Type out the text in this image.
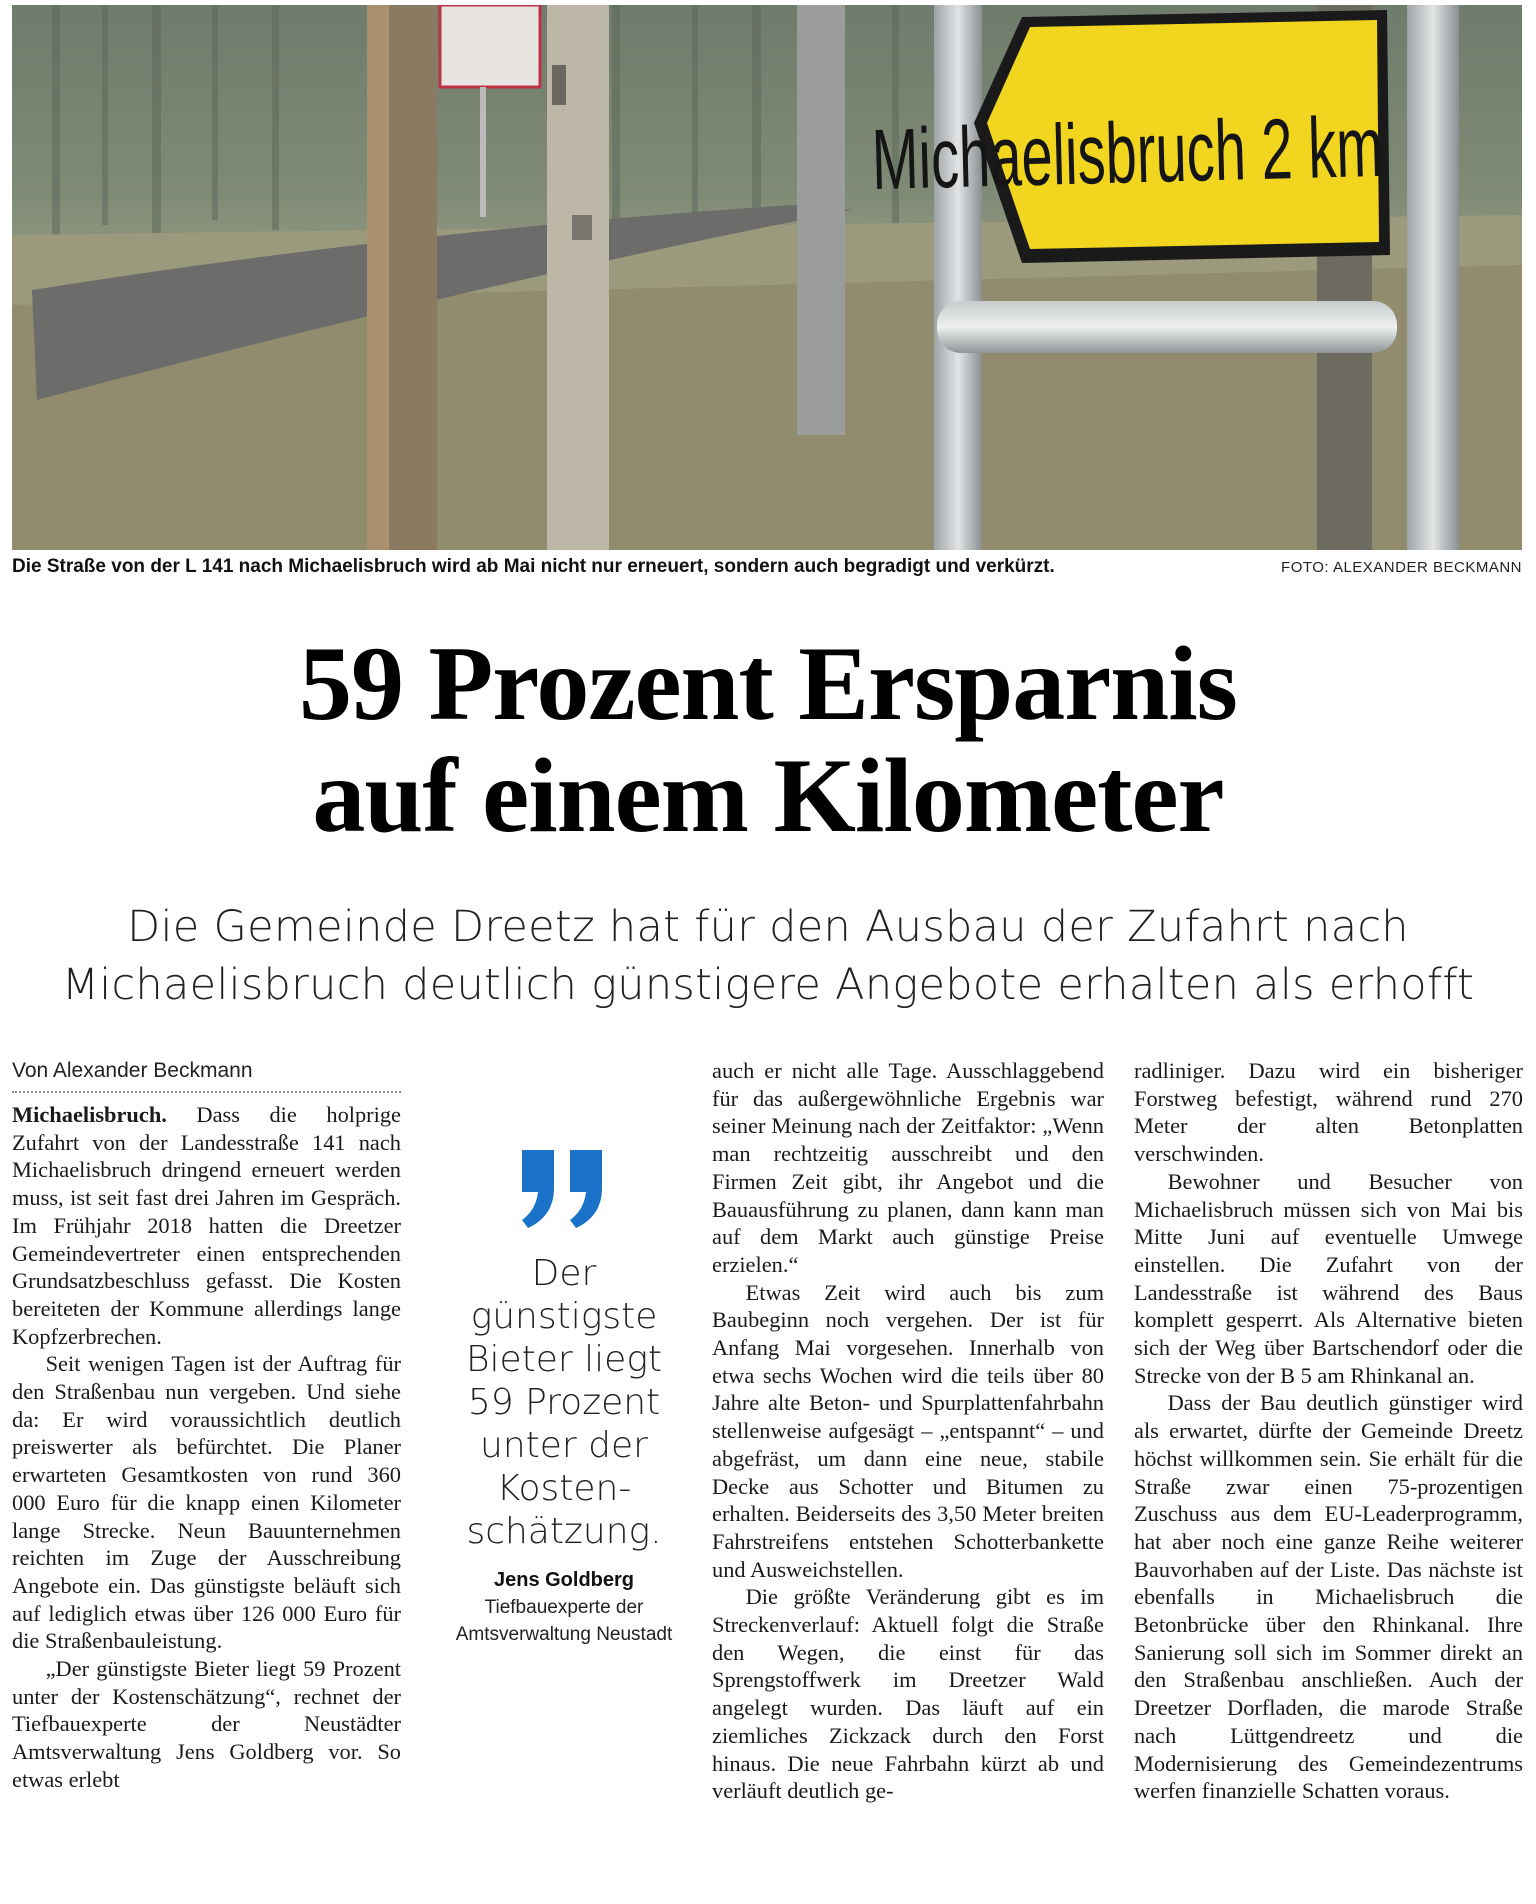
Michaelisbruch 2 km
Die Straße von der L 141 nach Michaelisbruch wird ab Mai nicht nur erneuert, sondern auch begradigt und verkürzt.	FOTO: ALEXANDER BECKMANN
59 Prozent Ersparnis
auf einem Kilometer
Die Gemeinde Dreetz hat für den Ausbau der Zufahrt nach
Michaelisbruch deutlich günstigere Angebote erhalten als erhofft
Von Alexander Beckmann

Michaelisbruch. Dass die holprige Zufahrt von der Landesstraße 141 nach Michaelisbruch dringend erneuert werden muss, ist seit fast drei Jahren im Gespräch. Im Frühjahr 2018 hatten die Dreetzer Gemeindevertreter einen entsprechenden Grundsatzbeschluss gefasst. Die Kosten bereiteten der Kommune allerdings lange Kopfzerbrechen.

Seit wenigen Tagen ist der Auftrag für den Straßenbau nun vergeben. Und siehe da: Er wird voraussichtlich deutlich preiswerter als befürchtet. Die Planer erwarteten Gesamtkosten von rund 360 000 Euro für die knapp einen Kilometer lange Strecke. Neun Bauunternehmen reichten im Zuge der Ausschreibung Angebote ein. Das günstigste beläuft sich auf lediglich etwas über 126 000 Euro für die Straßenbauleistung.

„Der günstigste Bieter liegt 59 Prozent unter der Kostenschätzung“, rechnet der Tiefbauexperte der Neustädter Amtsverwaltung Jens Goldberg vor. So etwas erlebt

Der günstigste Bieter liegt 59 Prozent unter der Kostenschätzung.
Jens Goldberg
Tiefbauexperte der Amtsverwaltung Neustadt

auch er nicht alle Tage. Ausschlaggebend für das außergewöhnliche Ergebnis war seiner Meinung nach der Zeitfaktor: „Wenn man rechtzeitig ausschreibt und den Firmen Zeit gibt, ihr Angebot und die Bauausführung zu planen, dann kann man auf dem Markt auch günstige Preise erzielen.“

Etwas Zeit wird auch bis zum Baubeginn noch vergehen. Der ist für Anfang Mai vorgesehen. Innerhalb von etwa sechs Wochen wird die teils über 80 Jahre alte Beton- und Spurplattenfahrbahn stellenweise aufgesägt – „entspannt“ – und abgefräst, um dann eine neue, stabile Decke aus Schotter und Bitumen zu erhalten. Beiderseits des 3,50 Meter breiten Fahrstreifens entstehen Schotterbankette und Ausweichstellen.

Die größte Veränderung gibt es im Streckenverlauf: Aktuell folgt die Straße den Wegen, die einst für das Sprengstoffwerk im Dreetzer Wald angelegt wurden. Das läuft auf ein ziemliches Zickzack durch den Forst hinaus. Die neue Fahrbahn kürzt ab und verläuft deutlich ge-

radliniger. Dazu wird ein bisheriger Forstweg befestigt, während rund 270 Meter der alten Betonplatten verschwinden.

Bewohner und Besucher von Michaelisbruch müssen sich von Mai bis Mitte Juni auf eventuelle Umwege einstellen. Die Zufahrt von der Landesstraße ist während des Baus komplett gesperrt. Als Alternative bieten sich der Weg über Bartschendorf oder die Strecke von der B 5 am Rhinkanal an.

Dass der Bau deutlich günstiger wird als erwartet, dürfte der Gemeinde Dreetz höchst willkommen sein. Sie erhält für die Straße zwar einen 75-prozentigen Zuschuss aus dem EU-Leaderprogramm, hat aber noch eine ganze Reihe weiterer Bauvorhaben auf der Liste. Das nächste ist ebenfalls in Michaelisbruch die Betonbrücke über den Rhinkanal. Ihre Sanierung soll sich im Sommer direkt an den Straßenbau anschließen. Auch der Dreetzer Dorfladen, die marode Straße nach Lüttgendreetz und die Modernisierung des Gemeindezentrums werfen finanzielle Schatten voraus.
